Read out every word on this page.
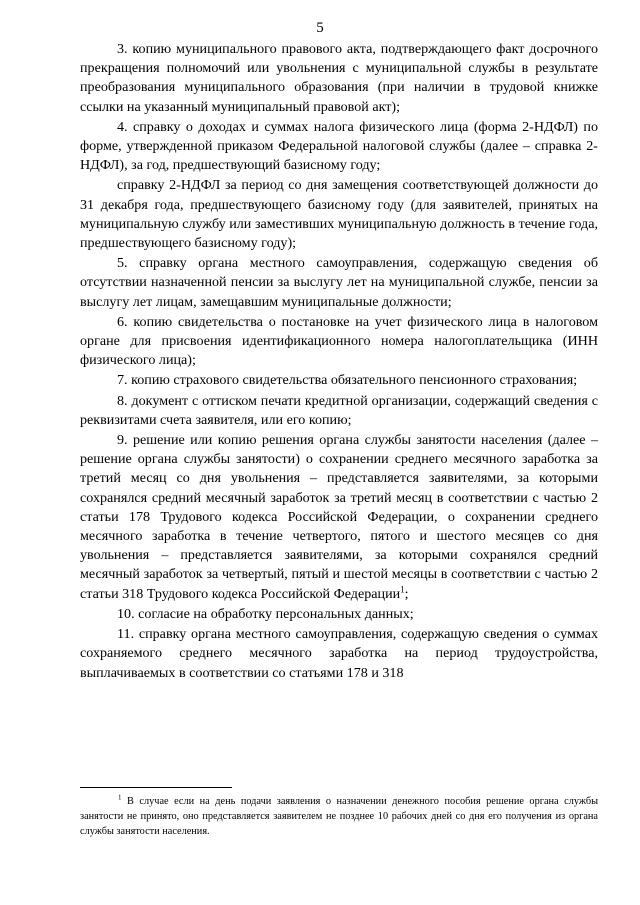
5

3. копию муниципального правового акта, подтверждающего факт досрочного прекращения полномочий или увольнения с муниципальной службы в результате преобразования муниципального образования (при наличии в трудовой книжке ссылки на указанный муниципальный правовой акт);

4. справку о доходах и суммах налога физического лица (форма 2-НДФЛ) по форме, утвержденной приказом Федеральной налоговой службы (далее – справка 2-НДФЛ), за год, предшествующий базисному году;

справку 2-НДФЛ за период со дня замещения соответствующей должности до 31 декабря года, предшествующего базисному году (для заявителей, принятых на муниципальную службу или заместивших муниципальную должность в течение года, предшествующего базисному году);

5. справку органа местного самоуправления, содержащую сведения об отсутствии назначенной пенсии за выслугу лет на муниципальной службе, пенсии за выслугу лет лицам, замещавшим муниципальные должности;

6. копию свидетельства о постановке на учет физического лица в налоговом органе для присвоения идентификационного номера налогоплательщика (ИНН физического лица);

7. копию страхового свидетельства обязательного пенсионного страхования;

8. документ с оттиском печати кредитной организации, содержащий сведения с реквизитами счета заявителя, или его копию;

9. решение или копию решения органа службы занятости населения (далее – решение органа службы занятости) о сохранении среднего месячного заработка за третий месяц со дня увольнения – представляется заявителями, за которыми сохранялся средний месячный заработок за третий месяц в соответствии с частью 2 статьи 178 Трудового кодекса Российской Федерации, о сохранении среднего месячного заработка в течение четвертого, пятого и шестого месяцев со дня увольнения – представляется заявителями, за которыми сохранялся средний месячный заработок за четвертый, пятый и шестой месяцы в соответствии с частью 2 статьи 318 Трудового кодекса Российской Федерации$^1$;

10. согласие на обработку персональных данных;

11. справку органа местного самоуправления, содержащую сведения о суммах сохраняемого среднего месячного заработка на период трудоустройства, выплачиваемых в соответствии со статьями 178 и 318

$^1$ В случае если на день подачи заявления о назначении денежного пособия решение органа службы занятости не принято, оно представляется заявителем не позднее 10 рабочих дней со дня его получения из органа службы занятости населения.
